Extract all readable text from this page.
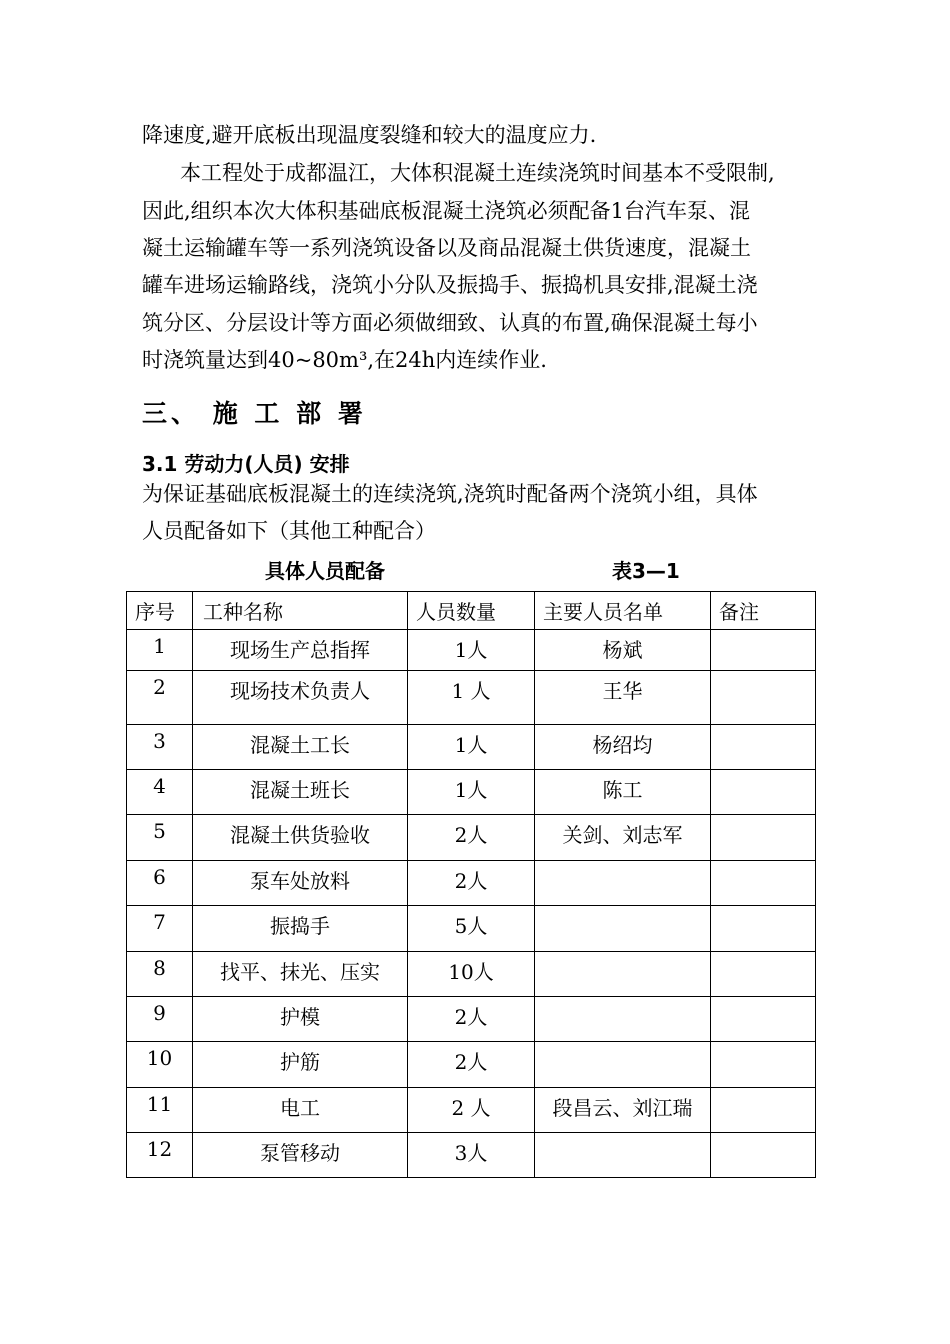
降速度,避开底板出现温度裂缝和较大的温度应力.
本工程处于成都温江，大体积混凝土连续浇筑时间基本不受限制,
因此,组织本次大体积基础底板混凝土浇筑必须配备1台汽车泵、混
凝土运输罐车等一系列浇筑设备以及商品混凝土供货速度，混凝土
罐车进场运输路线，浇筑小分队及振捣手、振捣机具安排,混凝土浇
筑分区、分层设计等方面必须做细致、认真的布置,确保混凝土每小
时浇筑量达到40~80m³,在24h内连续作业.
三、 施 工 部 署
3.1 劳动力(人员) 安排
为保证基础底板混凝土的连续浇筑,浇筑时配备两个浇筑小组，具体
人员配备如下（其他工种配合）
具体人员配备	表3—1
序号	工种名称	人员数量	主要人员名单	备注
1	现场生产总指挥	1人	杨斌	
2	现场技术负责人	1 人	王华	
3	混凝土工长	1人	杨绍均	
4	混凝土班长	1人	陈工	
5	混凝土供货验收	2人	关剑、刘志军	
6	泵车处放料	2人		
7	振捣手	5人		
8	找平、抹光、压实	10人		
9	护模	2人		
10	护筋	2人		
11	电工	2 人	段昌云、刘江瑞	
12	泵管移动	3人		
